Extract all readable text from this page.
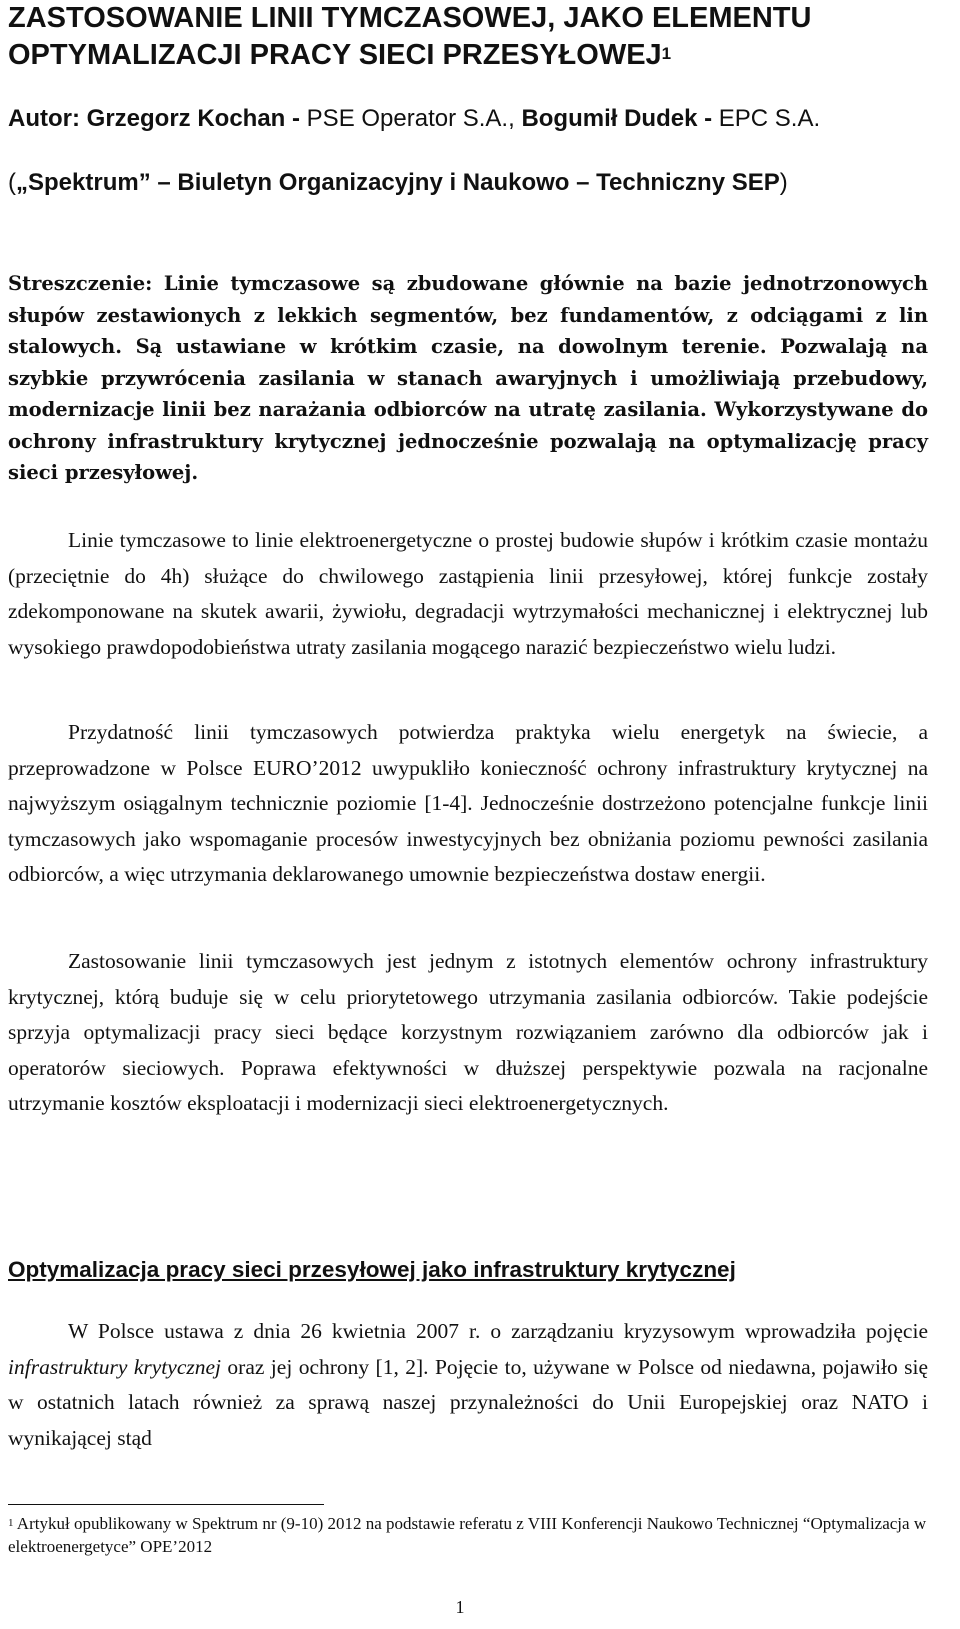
ZASTOSOWANIE LINII TYMCZASOWEJ, JAKO ELEMENTU OPTYMALIZACJI PRACY SIECI PRZESYŁOWEJ$^1$
Autor: Grzegorz Kochan - PSE Operator S.A., Bogumił Dudek - EPC S.A.
(„Spektrum” – Biuletyn Organizacyjny i Naukowo – Techniczny SEP)

Streszczenie: Linie tymczasowe są zbudowane głównie na bazie jednotrzonowych słupów zestawionych z lekkich segmentów, bez fundamentów, z odciągami z lin stalowych. Są ustawiane w krótkim czasie, na dowolnym terenie. Pozwalają na szybkie przywrócenia zasilania w stanach awaryjnych i umożliwiają przebudowy, modernizacje linii bez narażania odbiorców na utratę zasilania. Wykorzystywane do ochrony infrastruktury krytycznej jednocześnie pozwalają na optymalizację pracy sieci przesyłowej.

Linie tymczasowe to linie elektroenergetyczne o prostej budowie słupów i krótkim czasie montażu (przeciętnie do 4h) służące do chwilowego zastąpienia linii przesyłowej, której funkcje zostały zdekomponowane na skutek awarii, żywiołu, degradacji wytrzymałości mechanicznej i elektrycznej lub wysokiego prawdopodobieństwa utraty zasilania mogącego narazić bezpieczeństwo wielu ludzi.

Przydatność linii tymczasowych potwierdza praktyka wielu energetyk na świecie, a przeprowadzone w Polsce EURO’2012 uwypukliło konieczność ochrony infrastruktury krytycznej na najwyższym osiągalnym technicznie poziomie [1-4]. Jednocześnie dostrzeżono potencjalne funkcje linii tymczasowych jako wspomaganie procesów inwestycyjnych bez obniżania poziomu pewności zasilania odbiorców, a więc utrzymania deklarowanego umownie bezpieczeństwa dostaw energii.

Zastosowanie linii tymczasowych jest jednym z istotnych elementów ochrony infrastruktury krytycznej, którą buduje się w celu priorytetowego utrzymania zasilania odbiorców. Takie podejście sprzyja optymalizacji pracy sieci będące korzystnym rozwiązaniem zarówno dla odbiorców jak i operatorów sieciowych. Poprawa efektywności w dłuższej perspektywie pozwala na racjonalne utrzymanie kosztów eksploatacji i modernizacji sieci elektroenergetycznych.

Optymalizacja pracy sieci przesyłowej jako infrastruktury krytycznej

W Polsce ustawa z dnia 26 kwietnia 2007 r. o zarządzaniu kryzysowym wprowadziła pojęcie infrastruktury krytycznej oraz jej ochrony [1, 2]. Pojęcie to, używane w Polsce od niedawna, pojawiło się w ostatnich latach również za sprawą naszej przynależności do Unii Europejskiej oraz NATO i wynikającej stąd

$^1$ Artykuł opublikowany w Spektrum nr (9-10) 2012 na podstawie referatu z VIII Konferencji Naukowo Technicznej “Optymalizacja w elektroenergetyce” OPE’2012

1
